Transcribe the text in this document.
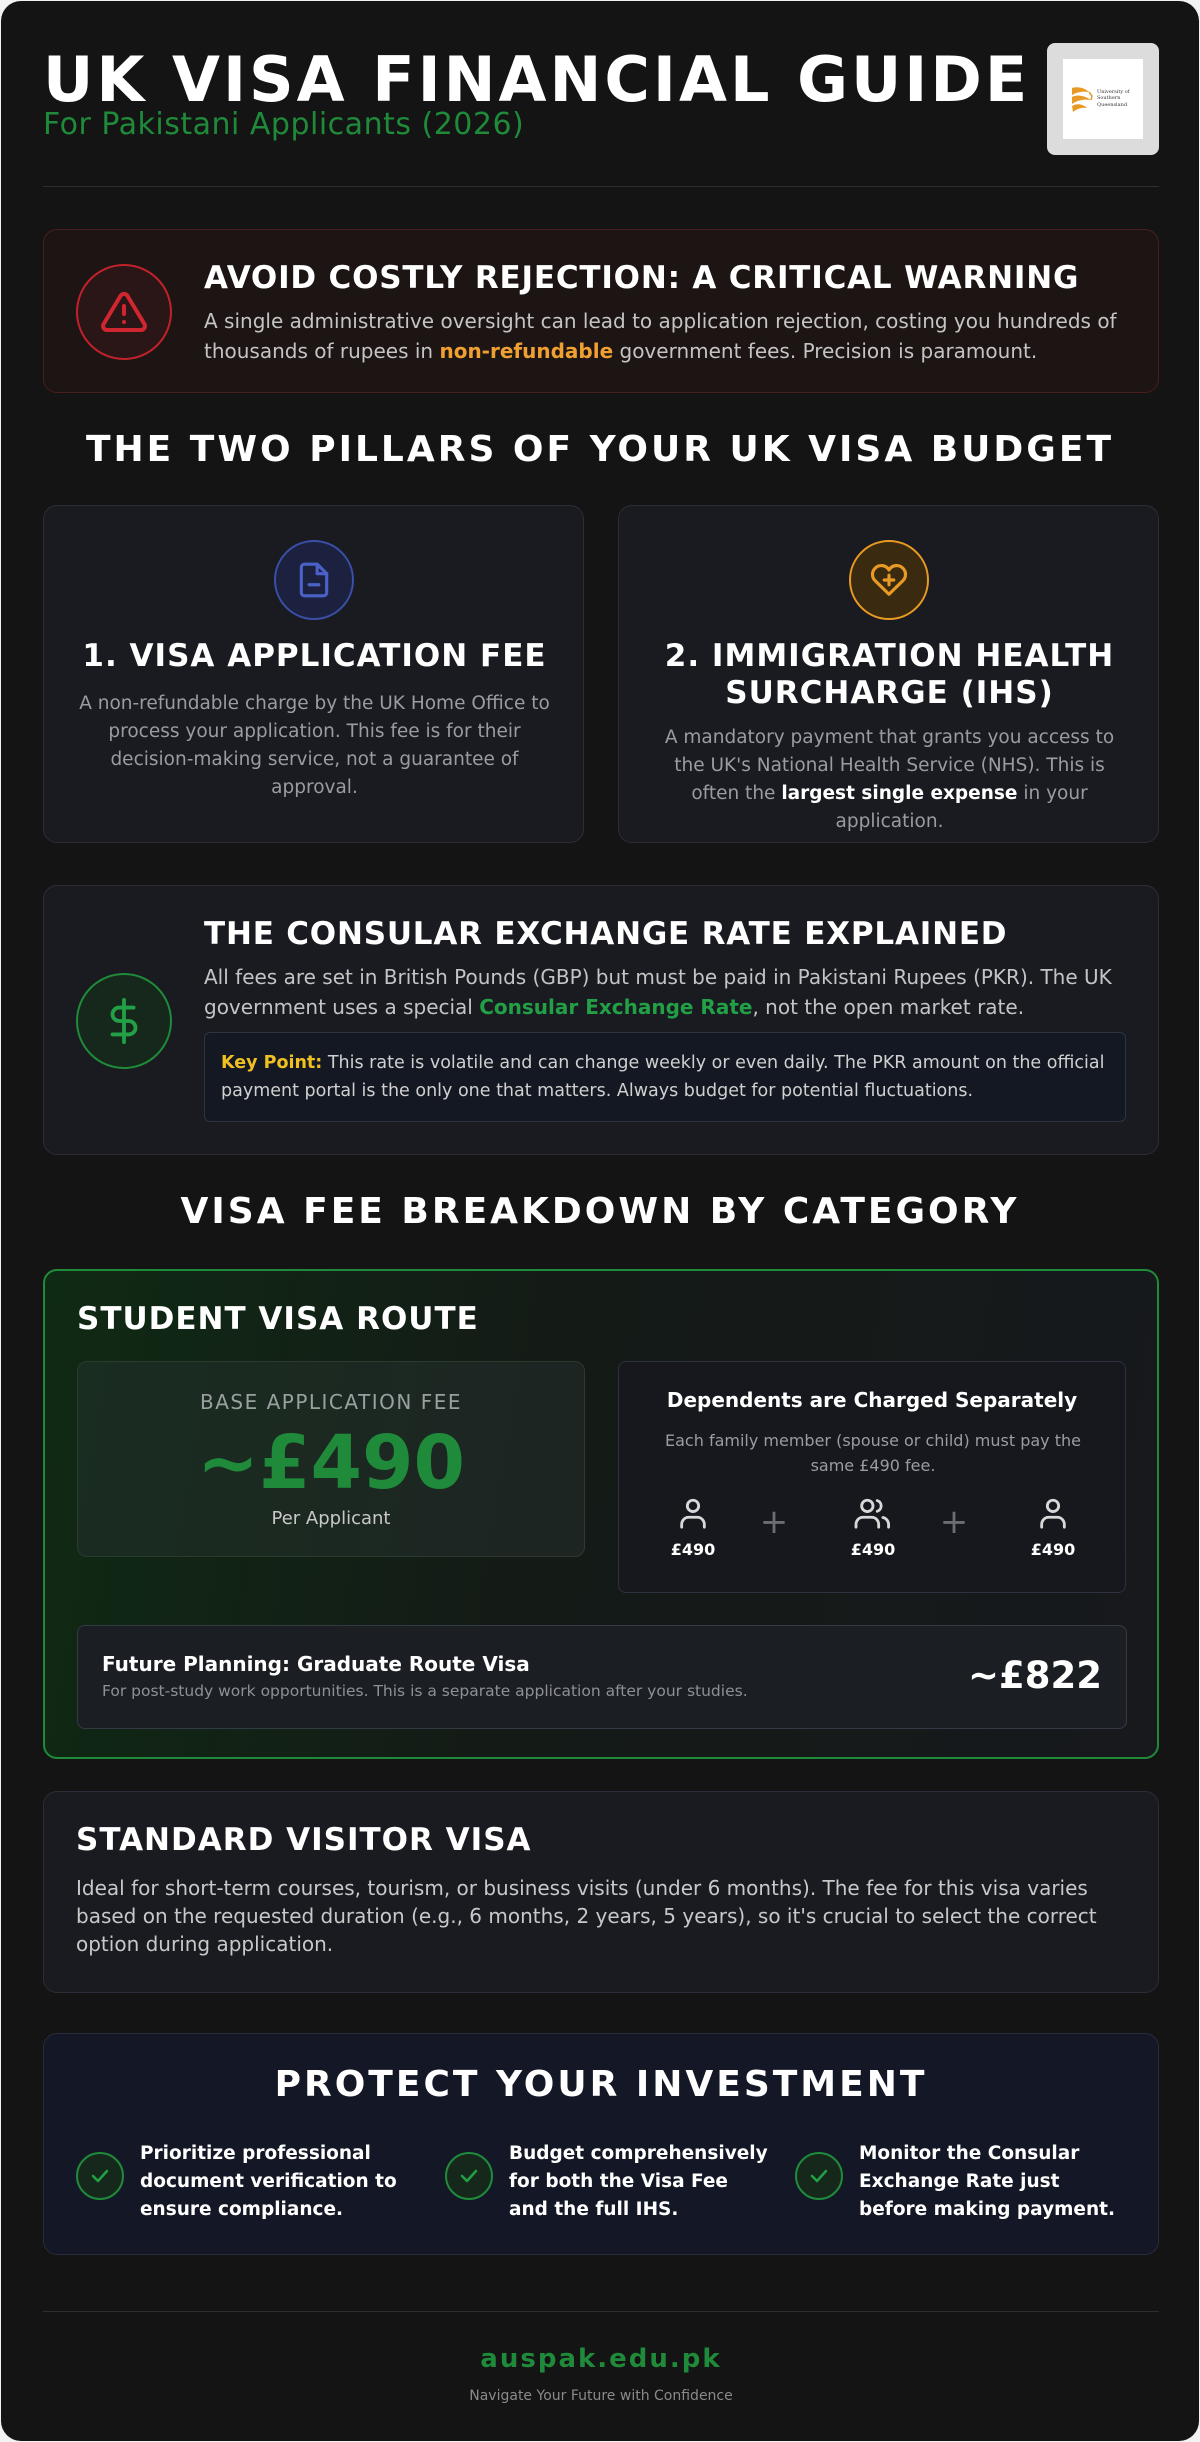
UK VISA FINANCIAL GUIDE
For Pakistani Applicants (2026)
University of
Southern
Queensland
AVOID COSTLY REJECTION: A CRITICAL WARNING
A single administrative oversight can lead to application rejection, costing you hundreds of thousands of rupees in non-refundable government fees. Precision is paramount.
THE TWO PILLARS OF YOUR UK VISA BUDGET
1. VISA APPLICATION FEE
A non-refundable charge by the UK Home Office to process your application. This fee is for their decision-making service, not a guarantee of approval.
2. IMMIGRATION HEALTH SURCHARGE (IHS)
A mandatory payment that grants you access to the UK's National Health Service (NHS). This is often the largest single expense in your application.
THE CONSULAR EXCHANGE RATE EXPLAINED
All fees are set in British Pounds (GBP) but must be paid in Pakistani Rupees (PKR). The UK government uses a special Consular Exchange Rate, not the open market rate.
Key Point: This rate is volatile and can change weekly or even daily. The PKR amount on the official payment portal is the only one that matters. Always budget for potential fluctuations.
VISA FEE BREAKDOWN BY CATEGORY
STUDENT VISA ROUTE
BASE APPLICATION FEE
~£490
Per Applicant
Dependents are Charged Separately
Each family member (spouse or child) must pay the same £490 fee.
£490
+
£490
+
£490
Future Planning: Graduate Route Visa
For post-study work opportunities. This is a separate application after your studies.	~£822
STANDARD VISITOR VISA
Ideal for short-term courses, tourism, or business visits (under 6 months). The fee for this visa varies based on the requested duration (e.g., 6 months, 2 years, 5 years), so it's crucial to select the correct option during application.
PROTECT YOUR INVESTMENT
Prioritize professional document verification to ensure compliance.
Budget comprehensively for both the Visa Fee and the full IHS.
Monitor the Consular Exchange Rate just before making payment.
auspak.edu.pk
Navigate Your Future with Confidence
